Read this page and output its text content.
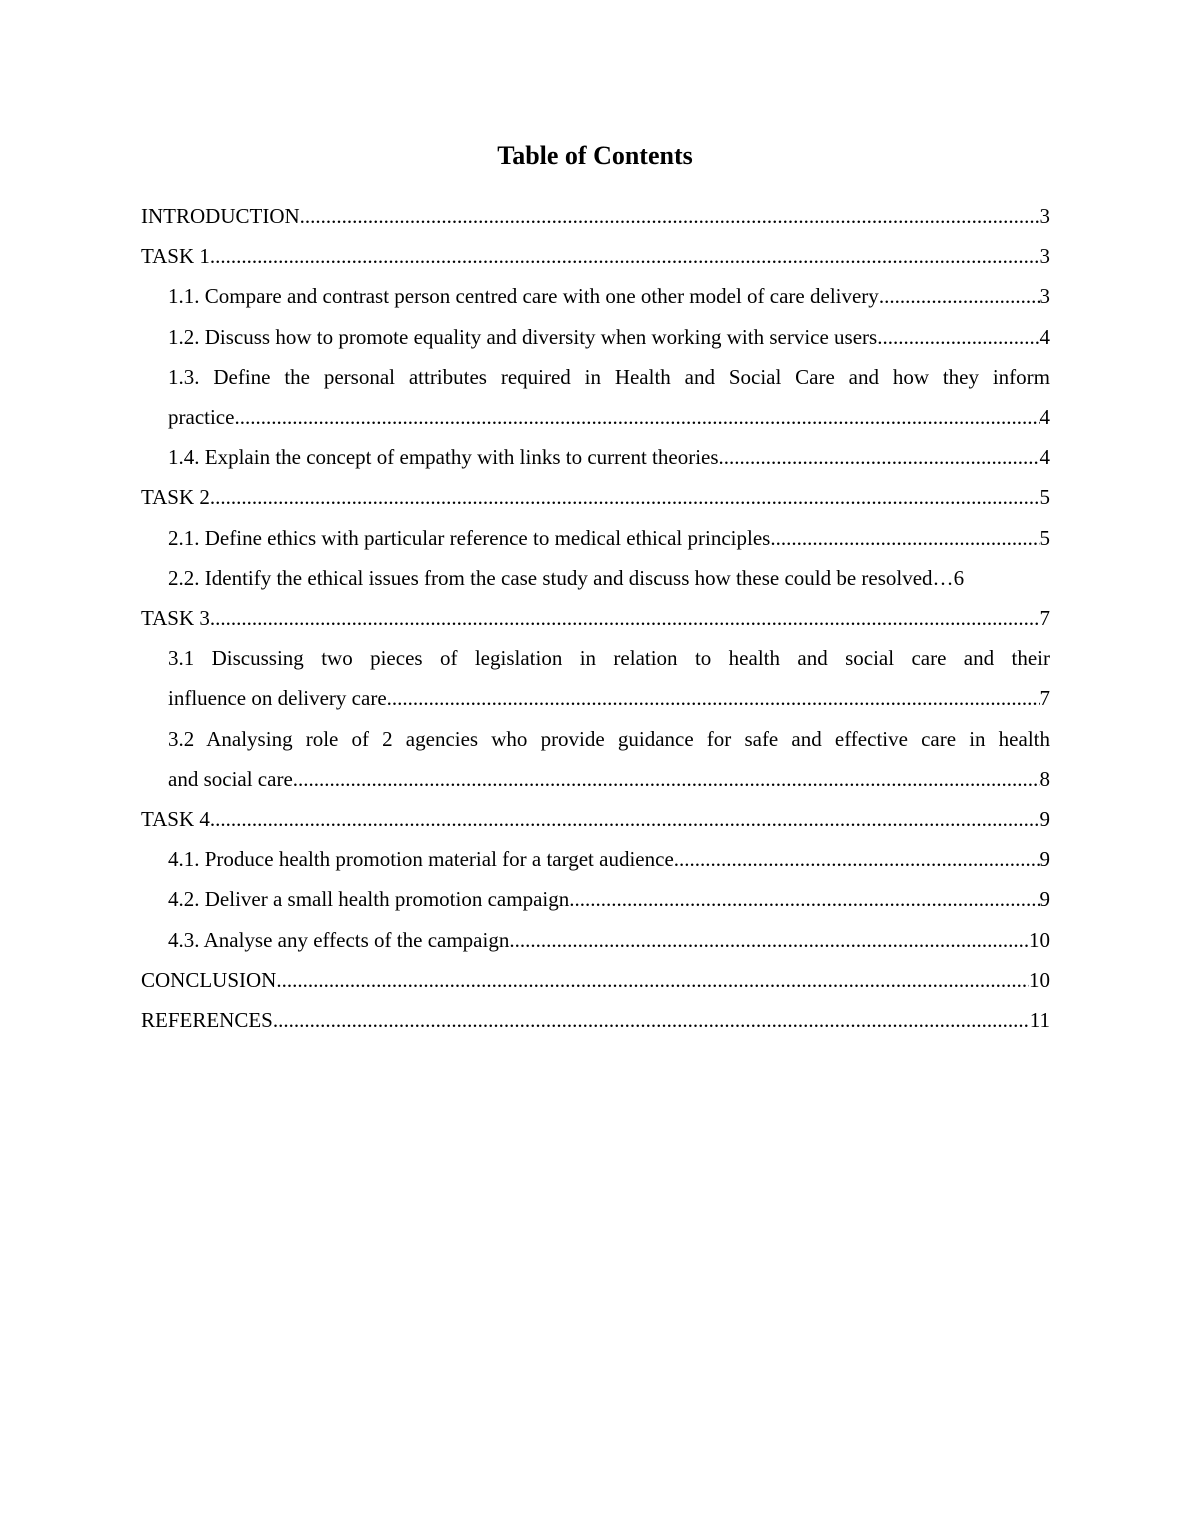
Table of Contents
INTRODUCTION .....	3
TASK 1 .....	3
1.1. Compare and contrast person centred care with one other model of care delivery .....	3
1.2. Discuss how to promote equality and diversity when working with service users .....	4
1.3. Define the personal attributes required in Health and Social Care and how they inform
practice .....	4
1.4. Explain the concept of empathy with links to current theories .....	4
TASK 2 .....	5
2.1. Define ethics with particular reference to medical ethical principles .....	5
2.2. Identify the ethical issues from the case study and discuss how these could be resolved… 6
TASK 3 .....	7
3.1 Discussing two pieces of legislation in relation to health and social care and their
influence on delivery care .....	7
3.2 Analysing role of 2 agencies who provide guidance for safe and effective care in health
and social care .....	8
TASK 4 .....	9
4.1. Produce health promotion material for a target audience .....	9
4.2. Deliver a small health promotion campaign .....	9
4.3. Analyse any effects of the campaign .....	10
CONCLUSION .....	10
REFERENCES .....	11
